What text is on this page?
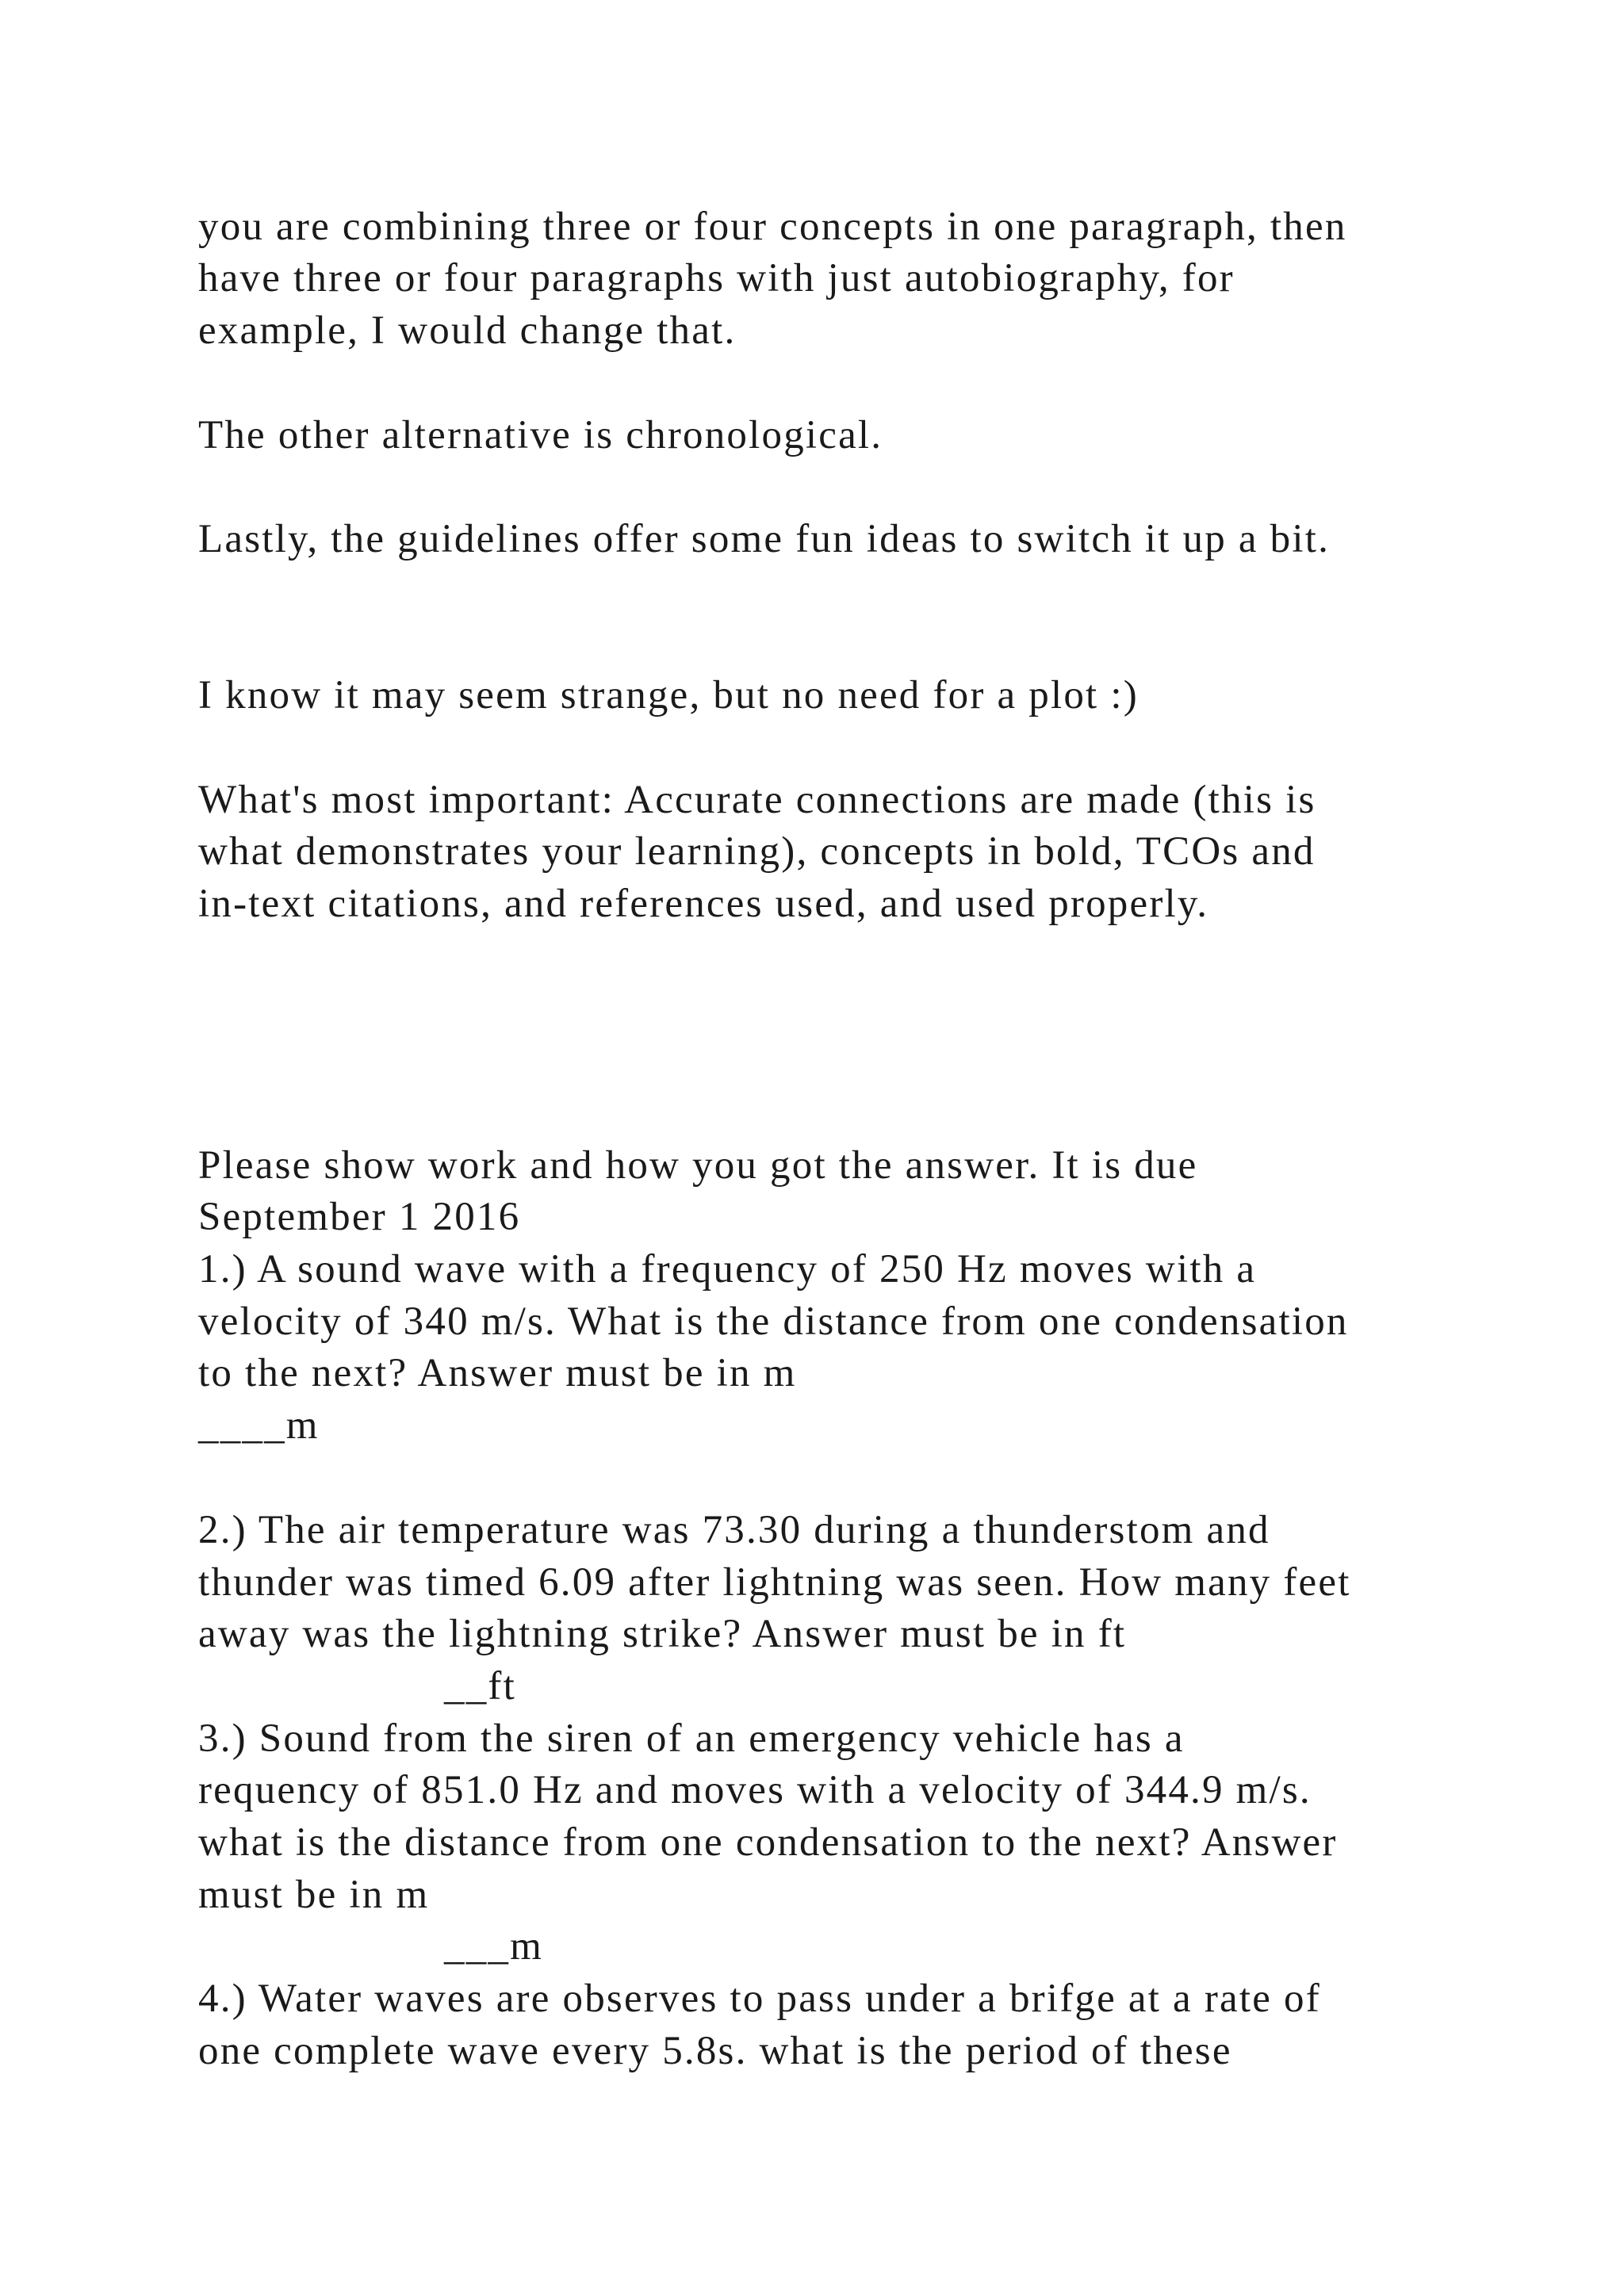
you are combining three or four concepts in one paragraph, then
have three or four paragraphs with just autobiography, for
example, I would change that.
The other alternative is chronological.
Lastly, the guidelines offer some fun ideas to switch it up a bit.
I know it may seem strange, but no need for a plot :)
What's most important: Accurate connections are made (this is
what demonstrates your learning), concepts in bold, TCOs and
in-text citations, and references used, and used properly.
Please show work and how you got the answer. It is due
September 1 2016
1.) A sound wave with a frequency of 250 Hz moves with a
velocity of 340 m/s. What is the distance from one condensation
to the next? Answer must be in m
____m
2.) The air temperature was 73.30 during a thunderstom and
thunder was timed 6.09 after lightning was seen. How many feet
away was the lightning strike? Answer must be in ft
__ft
3.) Sound from the siren of an emergency vehicle has a
requency of 851.0 Hz and moves with a velocity of 344.9 m/s.
what is the distance from one condensation to the next? Answer
must be in m
___m
4.) Water waves are observes to pass under a brifge at a rate of
one complete wave every 5.8s. what is the period of these
